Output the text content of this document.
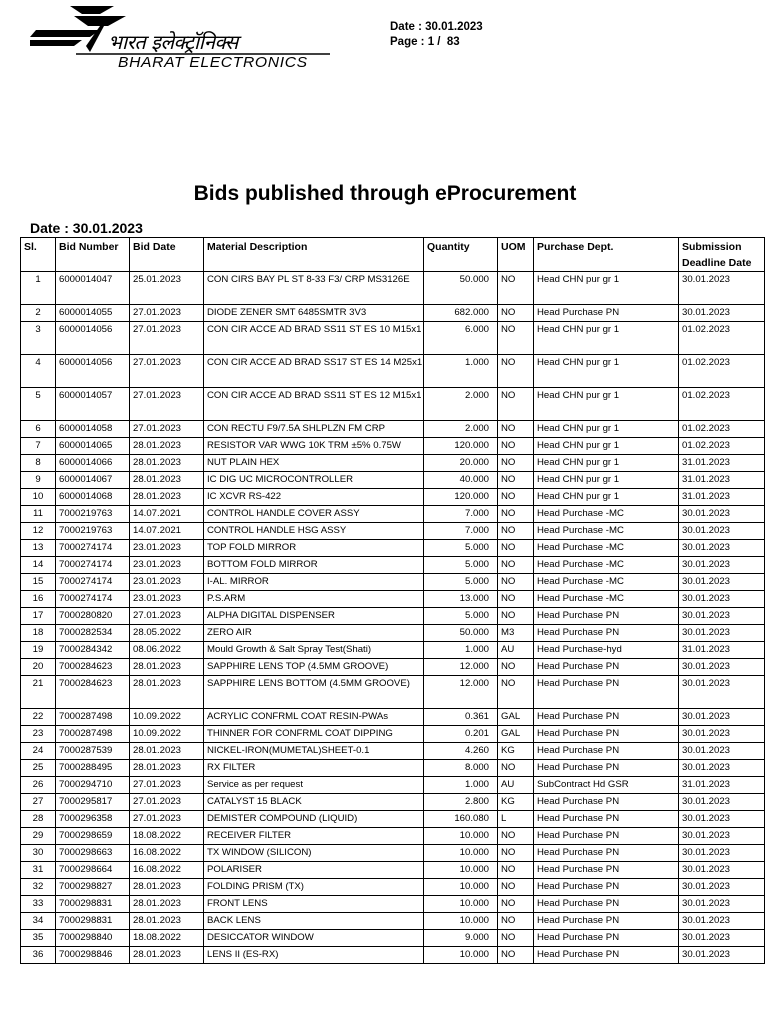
भारत इलेक्ट्रॉनिक्स
BHARAT ELECTRONICS
Date : 30.01.2023
Page : 1 /  83
Bids published through eProcurement
Date : 30.01.2023
Sl.	Bid Number	Bid Date	Material Description	Quantity	UOM	Purchase Dept.	Submission Deadline Date
1	6000014047	25.01.2023	CON CIRS BAY PL ST 8-33 F3/ CRP MS3126E	50.000	NO	Head CHN pur gr 1	30.01.2023
2	6000014055	27.01.2023	DIODE ZENER SMT 6485SMTR 3V3	682.000	NO	Head Purchase PN	30.01.2023
3	6000014056	27.01.2023	CON CIR ACCE AD BRAD SS11 ST ES 10 M15x1	6.000	NO	Head CHN pur gr 1	01.02.2023
4	6000014056	27.01.2023	CON CIR ACCE AD BRAD SS17 ST ES 14 M25x1	1.000	NO	Head CHN pur gr 1	01.02.2023
5	6000014057	27.01.2023	CON CIR ACCE AD BRAD SS11 ST ES 12 M15x1	2.000	NO	Head CHN pur gr 1	01.02.2023
6	6000014058	27.01.2023	CON RECTU F9/7.5A SHLPLZN FM CRP	2.000	NO	Head CHN pur gr 1	01.02.2023
7	6000014065	28.01.2023	RESISTOR VAR WWG 10K TRM ±5% 0.75W	120.000	NO	Head CHN pur gr 1	01.02.2023
8	6000014066	28.01.2023	NUT PLAIN HEX	20.000	NO	Head CHN pur gr 1	31.01.2023
9	6000014067	28.01.2023	IC DIG UC MICROCONTROLLER	40.000	NO	Head CHN pur gr 1	31.01.2023
10	6000014068	28.01.2023	IC XCVR RS-422	120.000	NO	Head CHN pur gr 1	31.01.2023
11	7000219763	14.07.2021	CONTROL HANDLE COVER ASSY	7.000	NO	Head Purchase -MC	30.01.2023
12	7000219763	14.07.2021	CONTROL HANDLE HSG ASSY	7.000	NO	Head Purchase -MC	30.01.2023
13	7000274174	23.01.2023	TOP FOLD MIRROR	5.000	NO	Head Purchase -MC	30.01.2023
14	7000274174	23.01.2023	BOTTOM FOLD MIRROR	5.000	NO	Head Purchase -MC	30.01.2023
15	7000274174	23.01.2023	I-AL. MIRROR	5.000	NO	Head Purchase -MC	30.01.2023
16	7000274174	23.01.2023	P.S.ARM	13.000	NO	Head Purchase -MC	30.01.2023
17	7000280820	27.01.2023	ALPHA DIGITAL DISPENSER	5.000	NO	Head Purchase PN	30.01.2023
18	7000282534	28.05.2022	ZERO AIR	50.000	M3	Head Purchase PN	30.01.2023
19	7000284342	08.06.2022	Mould Growth & Salt Spray Test(Shati)	1.000	AU	Head Purchase-hyd	31.01.2023
20	7000284623	28.01.2023	SAPPHIRE LENS TOP (4.5MM GROOVE)	12.000	NO	Head Purchase PN	30.01.2023
21	7000284623	28.01.2023	SAPPHIRE LENS BOTTOM (4.5MM GROOVE)	12.000	NO	Head Purchase PN	30.01.2023
22	7000287498	10.09.2022	ACRYLIC CONFRML COAT RESIN-PWAs	0.361	GAL	Head Purchase PN	30.01.2023
23	7000287498	10.09.2022	THINNER FOR CONFRML COAT DIPPING	0.201	GAL	Head Purchase PN	30.01.2023
24	7000287539	28.01.2023	NICKEL-IRON(MUMETAL)SHEET-0.1	4.260	KG	Head Purchase PN	30.01.2023
25	7000288495	28.01.2023	RX FILTER	8.000	NO	Head Purchase PN	30.01.2023
26	7000294710	27.01.2023	Service as per request	1.000	AU	SubContract Hd GSR	31.01.2023
27	7000295817	27.01.2023	CATALYST 15 BLACK	2.800	KG	Head Purchase PN	30.01.2023
28	7000296358	27.01.2023	DEMISTER COMPOUND (LIQUID)	160.080	L	Head Purchase PN	30.01.2023
29	7000298659	18.08.2022	RECEIVER FILTER	10.000	NO	Head Purchase PN	30.01.2023
30	7000298663	16.08.2022	TX WINDOW (SILICON)	10.000	NO	Head Purchase PN	30.01.2023
31	7000298664	16.08.2022	POLARISER	10.000	NO	Head Purchase PN	30.01.2023
32	7000298827	28.01.2023	FOLDING PRISM (TX)	10.000	NO	Head Purchase PN	30.01.2023
33	7000298831	28.01.2023	FRONT LENS	10.000	NO	Head Purchase PN	30.01.2023
34	7000298831	28.01.2023	BACK LENS	10.000	NO	Head Purchase PN	30.01.2023
35	7000298840	18.08.2022	DESICCATOR WINDOW	9.000	NO	Head Purchase PN	30.01.2023
36	7000298846	28.01.2023	LENS II (ES-RX)	10.000	NO	Head Purchase PN	30.01.2023
